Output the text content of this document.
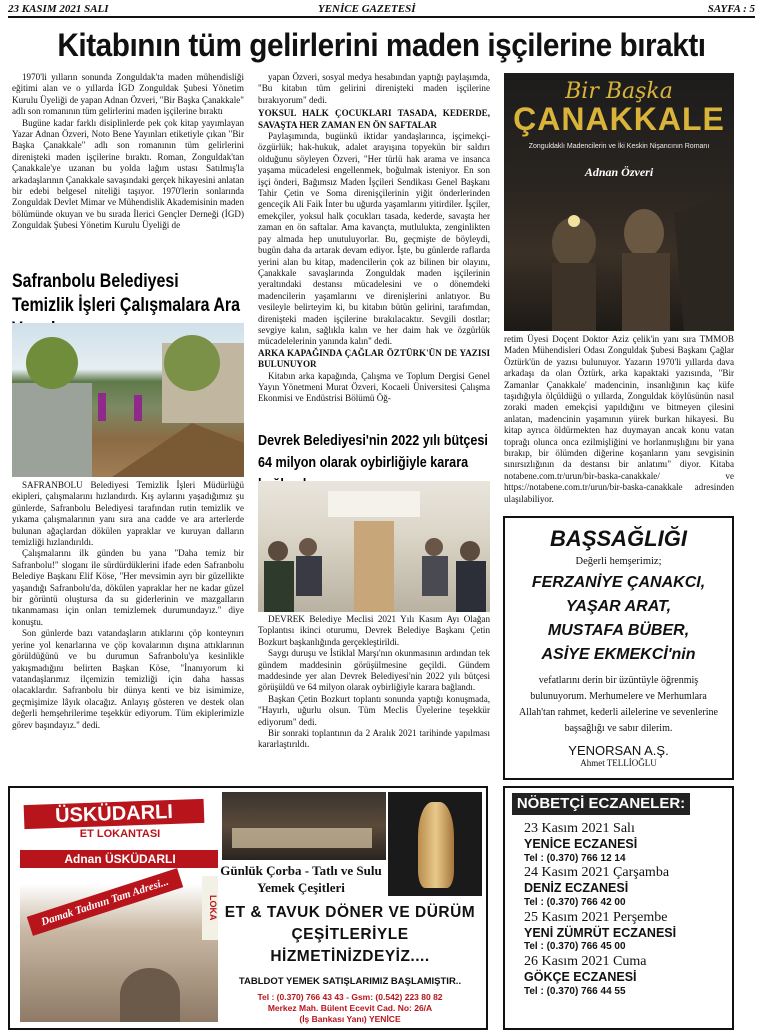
23 KASIM 2021 SALI	YENİCE GAZETESİ	SAYFA : 5
Kitabının tüm gelirlerini maden işçilerine bıraktı

1970'li yılların sonunda Zonguldak'ta maden mühendisliği eğitimi alan ve o yıllarda İGD Zonguldak Şubesi Yönetim Kurulu Üyeliği de yapan Adnan Özveri, "Bir Başka Çanakkale" adlı son romanının tüm gelirlerini maden işçilerine bıraktı

Bugüne kadar farklı disiplinlerde pek çok kitap yayımlayan Yazar Adnan Özveri, Noto Bene Yayınları etiketiyle çıkan "Bir Başka Çanakkale" adlı son romanının tüm gelirlerini direnişteki maden işçilerine bıraktı. Roman, Zonguldak'tan Çanakkale'ye uzanan bu yolda lağım ustası Satılmış'la arkadaşlarının Çanakkale savaşındaki gerçek hikayesini anlatan bir edebi belgesel niteliği taşıyor. 1970'lerin sonlarında Zonguldak Devlet Mimar ve Mühendislik Akademisinin maden bölümünde okuyan ve bu sırada İlerici Gençler Derneği (İGD) Zonguldak Şubesi Yönetim Kurulu Üyeliği de

yapan Özveri, sosyal medya hesabından yaptığı paylaşımda, "Bu kitabın tüm gelirini direnişteki maden işçilerine bırakıyorum" dedi.

YOKSUL HALK ÇOCUKLARI TASADA, KEDERDE, SAVAŞTA HER ZAMAN EN ÖN SAFTALAR

Paylaşımında, bugünkü iktidar yandaşlarınca, işçimekçi- özgürlük; hak-hukuk, adalet arayışına topyekün bir saldırı olduğunu söyleyen Özveri, "Her türlü hak arama ve insanca yaşama mücadelesi engellenmek, boğulmak isteniyor. En son işçi önderi, Bağımsız Maden İşçileri Sendikası Genel Başkanı Tahir Çetin ve Soma direnişçilerinin yiğit önderlerinden genceçik Ali Faik İnter bu uğurda yaşamlarını yitirdiler. İşçiler, emekçiler, yoksul halk çocukları tasada, kederde, savaşta her zaman en ön saftalar. Ama kavançta, mutlulukta, zenginlikten pay almada hep unutuluyorlar. Bu, geçmişte de böyleydi, bugün daha da artarak devam ediyor. İşte, bu günlerde raflarda yerini alan bu kitap, madencilerin çok az bilinen bir olayını, Çanakkale savaşlarında Zonguldak maden işçilerinin yeraltındaki destansı mücadelesini ve o dönemdeki madencilerin yaşamlarını ve direnişlerini anlatıyor. Bu vesileyle belirteyim ki, bu kitabın bütün gelirini, tarafımdan, direnişteki maden işçilerine bırakılacaktır. Sevgili dostlar; sevgiye kalın, sağlıkla kalın ve her daim hak ve özgürlük mücadelelerinin yanında kalın" dedi.

ARKA KAPAĞINDA ÇAĞLAR ÖZTÜRK'ÜN DE YAZISI BULUNUYOR

Kitabın arka kapağında, Çalışma ve Toplum Dergisi Genel Yayın Yönetmeni Murat Özveri, Kocaeli Üniversitesi Çalışma Ekonmisi ve Endüstrisi Bölümü Öğ-

Bir Başka
ÇANAKKALE
Zonguldaklı Madencilerin ve İki Keskin Nişancının Romanı
Adnan Özveri

retim Üyesi Doçent Doktor Aziz çelik'in yanı sıra TMMOB Maden Mühendisleri Odası Zonguldak Şubesi Başkanı Çağlar Öztürk'ün de yazısı bulunuyor. Yazarın 1970'li yıllarda dava arkadaşı da olan Öztürk, arka kapaktaki yazısında, "Bir Zamanlar Çanakkale' madencinin, insanlığının kaç küfe taşıdığıyla ölçüldüğü o yıllarda, Zonguldak köylüsünün nasıl zoraki maden emekçisi yapıldığını ve bitmeyen çilesini anlatan, madencinin yaşamının yürek burkan hikayesi. Bu kitap ayrıca öldürmekten haz duymayan ancak konu vatan toprağı olunca onca ezilmişliğini ve horlanmışlığını bir yana bırakıp, bir ölümden diğerine koşanların yanı sevgisinin sınırsızlığının da destansı bir anlatımı" diyor. Kitaba notabene.com.tr/urun/bir-baska-canakkale/ ve https://notabene.com.tr/urun/bir-baska-canakkale adresinden ulaşılabiliyor.

Safranbolu Belediyesi Temizlik İşleri Çalışmalara Ara

SAFRANBOLU Belediyesi Temizlik İşleri Müdürlüğü ekipleri, çalışmalarını hızlandırdı. Kış aylarını yaşadığımız şu günlerde, Safranbolu Belediyesi tarafından rutin temizlik ve yıkama çalışmalarının yanı sıra ana cadde ve ara arterlerde bulunan ağaçlardan dökülen yapraklar ve kuruyan dalların temizliği hızlandırıldı.

Çalışmalarını ilk günden bu yana "Daha temiz bir Safranbolu!" sloganı ile sürdürdüklerini ifade eden Safranbolu Belediye Başkanı Elif Köse, "Her mevsimin ayrı bir güzellikte yaşandığı Safranbolu'da, dökülen yapraklar her ne kadar güzel bir görüntü oluştursa da su giderlerinin ve mazgalların tıkanmaması için onları temizlemek durumundayız." diye konuştu.

Son günlerde bazı vatandaşların atıklarını çöp konteynırı yerine yol kenarlarına ve çöp kovalarının dışına attıklarının görüldüğünü ve bu durumun Safranbolu'ya kesinlikle yakışmadığını belirten Başkan Köse, "İnanıyorum ki vatandaşlarımız ilçemizin temizliği için daha hassas olacaklardır. Safranbolu bir dünya kenti ve biz isimimize, geçmişimize lâyık olacağız. Anlayış gösteren ve destek olan değerli hemşehrilerime teşekkür ediyorum. Tüm ekiplerimizle görev başındayız." dedi.

Devrek Belediyesi'nin 2022 yılı bütçesi 64 milyon olarak oybirliğiyle karara

DEVREK Belediye Meclisi 2021 Yılı Kasım Ayı Olağan Toplantısı ikinci oturumu, Devrek Belediye Başkanı Çetin Bozkurt başkanlığında gerçekleştirildi.

Saygı duruşu ve İstiklal Marşı'nın okunmasının ardından tek gündem maddesinin görüşülmesine geçildi. Gündem maddesinde yer alan Devrek Belediyesi'nin 2022 yılı bütçesi görüşüldü ve 64 milyon olarak oybirliğiyle karara bağlandı.

Başkan Çetin Bozkurt toplantı sonunda yaptığı konuşmada, "Hayırlı, uğurlu olsun. Tüm Meclis Üyelerine teşekkür ediyorum" dedi.

Bir sonraki toplantının da 2 Aralık 2021 tarihinde yapılması kararlaştırıldı.

BAŞSAĞLIĞI
Değerli hemşerimiz;
FERZANİYE ÇANAKCI,
YAŞAR ARAT,
MUSTAFA BÜBER,
ASİYE EKMEKCİ'nin
vefatlarını derin bir üzüntüyle öğrenmiş bulunuyorum. Merhumelere ve Merhumlara Allah'tan rahmet, kederli ailelerine ve sevenlerine başsağlığı ve sabır dilerim.
YENORSAN A.Ş.
Ahmet TELLİOĞLU
ÜSKÜDARLI
ET LOKANTASI
Adnan ÜSKÜDARLI
Damak Tadının Tam Adresi...	LOKA
Günlük Çorba - Tatlı ve Sulu Yemek Çeşitleri
ET & TAVUK DÖNER VE DÜRÜM ÇEŞİTLERİYLE HİZMETİNİZDEYİZ....
TABLDOT YEMEK SATIŞLARIMIZ BAŞLAMIŞTIR..
Tel : (0.370) 766 43 43 - Gsm: (0.542) 223 80 82
Merkez Mah. Bülent Ecevit Cad. No: 26/A
(İş Bankası Yanı) YENİCE
NÖBETÇİ ECZANELER:
23 Kasım 2021 Salı
YENİCE ECZANESİ
Tel : (0.370) 766 12 14
24 Kasım 2021 Çarşamba
DENİZ ECZANESİ
Tel : (0.370) 766 42 00
25 Kasım 2021 Perşembe
YENİ ZÜMRÜT ECZANESİ
Tel : (0.370) 766 45 00
26 Kasım 2021 Cuma
GÖKÇE ECZANESİ
Tel : (0.370) 766 44 55
